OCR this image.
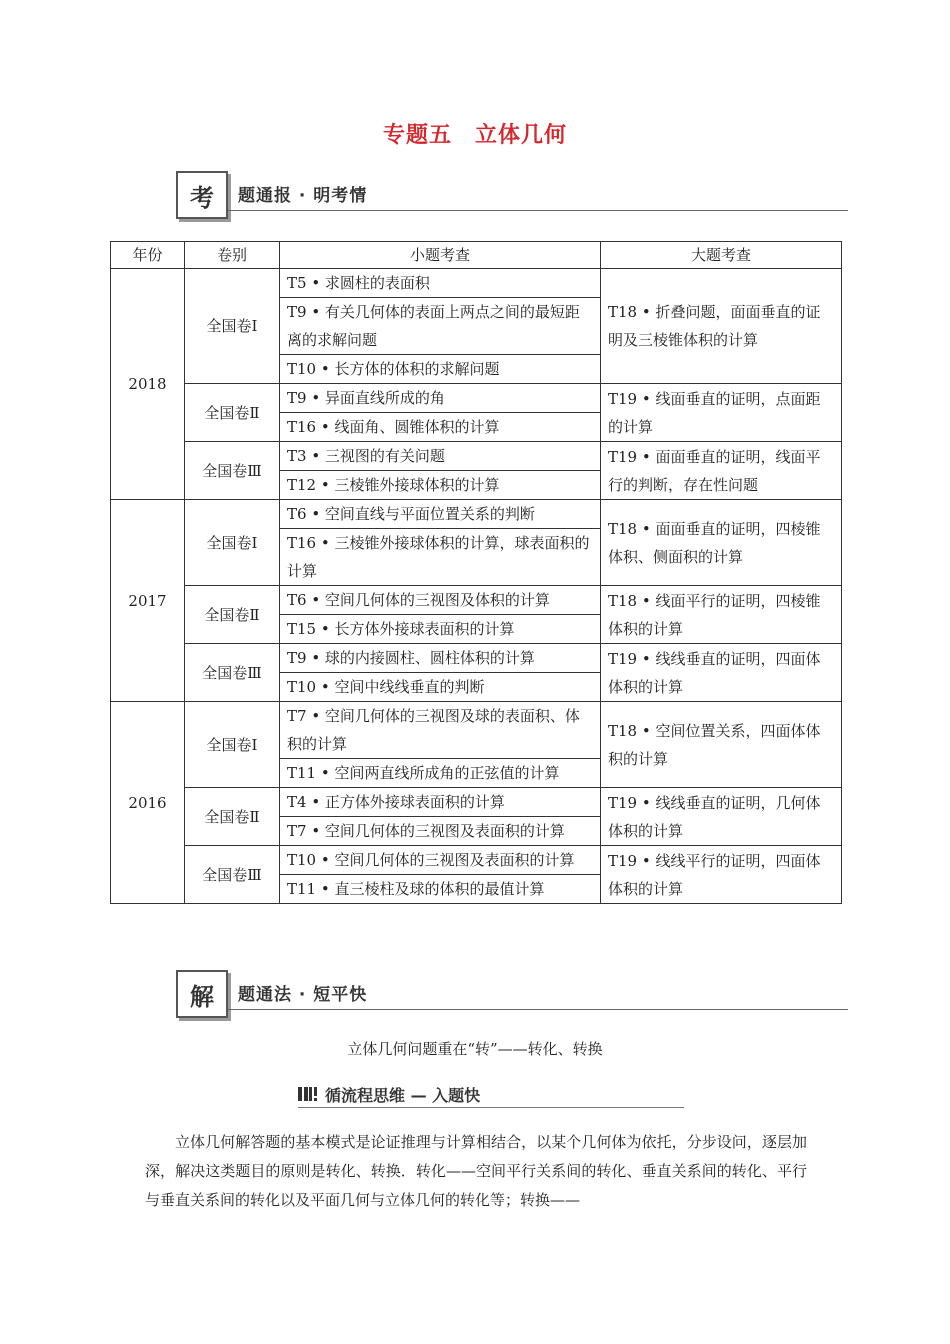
专题五　立体几何
考	题通报 · 明考情
年份	卷别	小题考查	大题考查
2018	全国卷Ⅰ	T5 • 求圆柱的表面积	T18 • 折叠问题，面面垂直的证明及三棱锥体积的计算
		T9 • 有关几何体的表面上两点之间的最短距离的求解问题	
		T10 • 长方体的体积的求解问题	
	全国卷Ⅱ	T9 • 异面直线所成的角	T19 • 线面垂直的证明，点面距的计算
		T16 • 线面角、圆锥体积的计算	
	全国卷Ⅲ	T3 • 三视图的有关问题	T19 • 面面垂直的证明，线面平行的判断，存在性问题
		T12 • 三棱锥外接球体积的计算	
2017	全国卷Ⅰ	T6 • 空间直线与平面位置关系的判断	T18 • 面面垂直的证明，四棱锥体积、侧面积的计算
		T16 • 三棱锥外接球体积的计算，球表面积的计算	
	全国卷Ⅱ	T6 • 空间几何体的三视图及体积的计算	T18 • 线面平行的证明，四棱锥体积的计算
		T15 • 长方体外接球表面积的计算	
	全国卷Ⅲ	T9 • 球的内接圆柱、圆柱体积的计算	T19 • 线线垂直的证明，四面体体积的计算
		T10 • 空间中线线垂直的判断	
2016	全国卷Ⅰ	T7 • 空间几何体的三视图及球的表面积、体积的计算	T18 • 空间位置关系，四面体体积的计算
		T11 • 空间两直线所成角的正弦值的计算	
	全国卷Ⅱ	T4 • 正方体外接球表面积的计算	T19 • 线线垂直的证明，几何体体积的计算
		T7 • 空间几何体的三视图及表面积的计算	
	全国卷Ⅲ	T10 • 空间几何体的三视图及表面积的计算	T19 • 线线平行的证明，四面体体积的计算
		T11 • 直三棱柱及球的体积的最值计算	
解	题通法 · 短平快
立体几何问题重在“转”——转化、转换
循流程思维 — 入题快
立体几何解答题的基本模式是论证推理与计算相结合，以某个几何体为依托，分步设问，逐层加深，解决这类题目的原则是转化、转换．转化——空间平行关系间的转化、垂直关系间的转化、平行与垂直关系间的转化以及平面几何与立体几何的转化等；转换——
